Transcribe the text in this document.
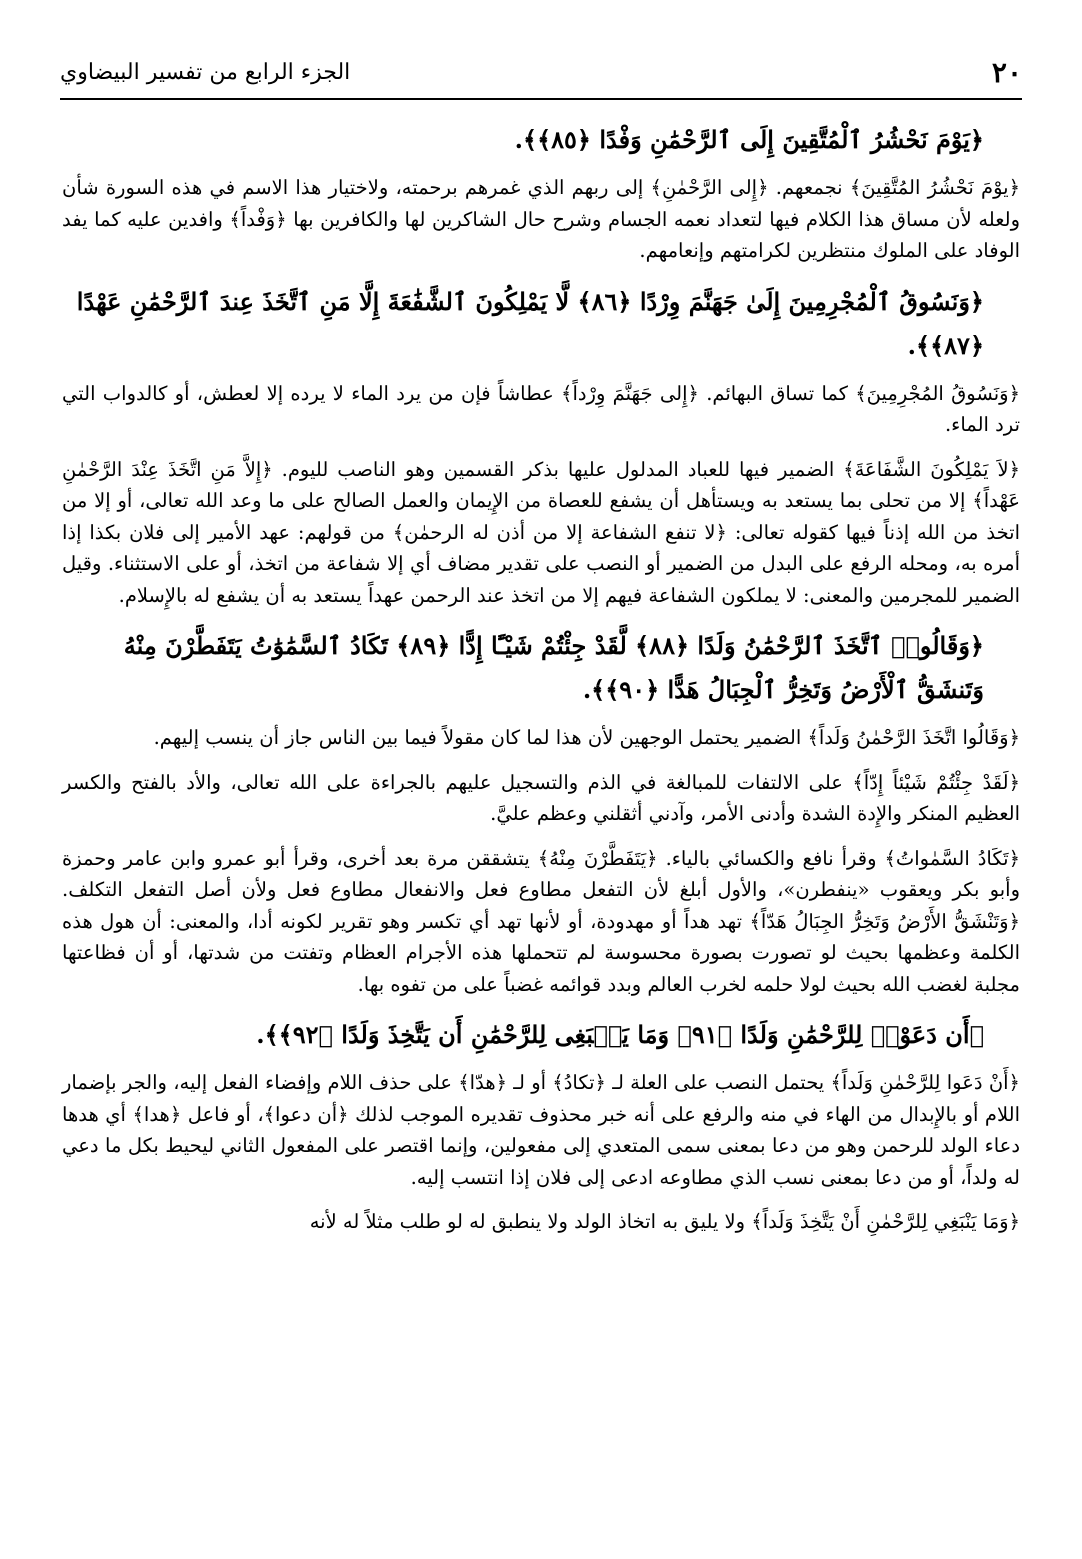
٢٠
الجزء الرابع من تفسير البيضاوي
﴿يَوْمَ نَحْشُرُ ٱلْمُتَّقِينَ إِلَى ٱلرَّحْمَٰنِ وَفْدًا ﴿٨٥﴾﴾.

﴿يوْمَ نَحْشُرُ المُتَّقِينَ﴾ نجمعهم. ﴿إِلى الرَّحْمٰنِ﴾ إلى ربهم الذي غمرهم برحمته، ولاختيار هذا الاسم في هذه السورة شأن ولعله لأن مساق هذا الكلام فيها لتعداد نعمه الجسام وشرح حال الشاكرين لها والكافرين بها ﴿وَفْداً﴾ وافدين عليه كما يفد الوفاد على الملوك منتظرين لكرامتهم وإنعامهم.

﴿وَنَسُوقُ ٱلْمُجْرِمِينَ إِلَىٰ جَهَنَّمَ وِرْدًا ﴿٨٦﴾ لَّا يَمْلِكُونَ ٱلشَّفَٰعَةَ إِلَّا مَنِ ٱتَّخَذَ عِندَ ٱلرَّحْمَٰنِ عَهْدًا ﴿٨٧﴾﴾.

﴿وَنَسُوقُ المُجْرِمِينَ﴾ كما تساق البهائم. ﴿إِلى جَهَنَّمَ وِرْداً﴾ عطاشاً فإن من يرد الماء لا يرده إلا لعطش، أو كالدواب التي ترد الماء.

﴿لاَ يَمْلِكُونَ الشَّفَاعَةَ﴾ الضمير فيها للعباد المدلول عليها بذكر القسمين وهو الناصب لليوم. ﴿إِلاَّ مَنِ اتَّخَذَ عِنْدَ الرَّحْمٰنِ عَهْداً﴾ إلا من تحلى بما يستعد به ويستأهل أن يشفع للعصاة من الإِيمان والعمل الصالح على ما وعد الله تعالى، أو إلا من اتخذ من الله إذناً فيها كقوله تعالى: ﴿لا تنفع الشفاعة إلا من أذن له الرحمٰن﴾ من قولهم: عهد الأمير إلى فلان بكذا إذا أمره به، ومحله الرفع على البدل من الضمير أو النصب على تقدير مضاف أي إلا شفاعة من اتخذ، أو على الاستثناء. وقيل الضمير للمجرمين والمعنى: لا يملكون الشفاعة فيهم إلا من اتخذ عند الرحمن عهداً يستعد به أن يشفع له بالإِسلام.

﴿وَقَالُوا۟ ٱتَّخَذَ ٱلرَّحْمَٰنُ وَلَدًا ﴿٨٨﴾ لَّقَدْ جِئْتُمْ شَيْـًٔا إِدًّا ﴿٨٩﴾ تَكَادُ ٱلسَّمَٰوَٰتُ يَتَفَطَّرْنَ مِنْهُ وَتَنشَقُّ ٱلْأَرْضُ وَتَخِرُّ ٱلْجِبَالُ هَدًّا ﴿٩٠﴾﴾.

﴿وَقَالُوا اتَّخَذَ الرَّحْمٰنُ وَلَداً﴾ الضمير يحتمل الوجهين لأن هذا لما كان مقولاً فيما بين الناس جاز أن ينسب إليهم.

﴿لَقَدْ جِئْتُمْ شَيْئاً إِدّاً﴾ على الالتفات للمبالغة في الذم والتسجيل عليهم بالجراءة على الله تعالى، والأد بالفتح والكسر العظيم المنكر والإِدة الشدة وأدنى الأمر، وآدني أثقلني وعظم عليَّ.

﴿تَكَادُ السَّمٰواتُ﴾ وقرأ نافع والكسائي بالياء. ﴿يَتَفَطَّرْنَ مِنْهُ﴾ يتشققن مرة بعد أخرى، وقرأ أبو عمرو وابن عامر وحمزة وأبو بكر ويعقوب «ينفطرن»، والأول أبلغ لأن التفعل مطاوع فعل والانفعال مطاوع فعل ولأن أصل التفعل التكلف. ﴿وَتَنْشَقُّ الأَرْضُ وَتَخِرُّ الجِبَالُ هَدّاً﴾ تهد هداً أو مهدودة، أو لأنها تهد أي تكسر وهو تقرير لكونه أدا، والمعنى: أن هول هذه الكلمة وعظمها بحيث لو تصورت بصورة محسوسة لم تتحملها هذه الأجرام العظام وتفتت من شدتها، أو أن فظاعتها مجلبة لغضب الله بحيث لولا حلمه لخرب العالم وبدد قوائمه غضباً على من تفوه بها.

﴿أَن دَعَوْا۟ لِلرَّحْمَٰنِ وَلَدًا ﴿٩١﴾ وَمَا يَنۢبَغِى لِلرَّحْمَٰنِ أَن يَتَّخِذَ وَلَدًا ﴿٩٢﴾﴾.

﴿أَنْ دَعَوا لِلرَّحْمٰنِ وَلَداً﴾ يحتمل النصب على العلة لـ ﴿تكادُ﴾ أو لـ ﴿هدّا﴾ على حذف اللام وإفضاء الفعل إليه، والجر بإضمار اللام أو بالإِبدال من الهاء في منه والرفع على أنه خبر محذوف تقديره الموجب لذلك ﴿أن دعوا﴾، أو فاعل ﴿هدا﴾ أي هدها دعاء الولد للرحمن وهو من دعا بمعنى سمى المتعدي إلى مفعولين، وإنما اقتصر على المفعول الثاني ليحيط بكل ما دعي له ولداً، أو من دعا بمعنى نسب الذي مطاوعه ادعى إلى فلان إذا انتسب إليه.

﴿وَمَا يَنْبَغِي لِلرَّحْمٰنِ أَنْ يَتَّخِذَ وَلَداً﴾ ولا يليق به اتخاذ الولد ولا ينطبق له لو طلب مثلاً له لأنه
